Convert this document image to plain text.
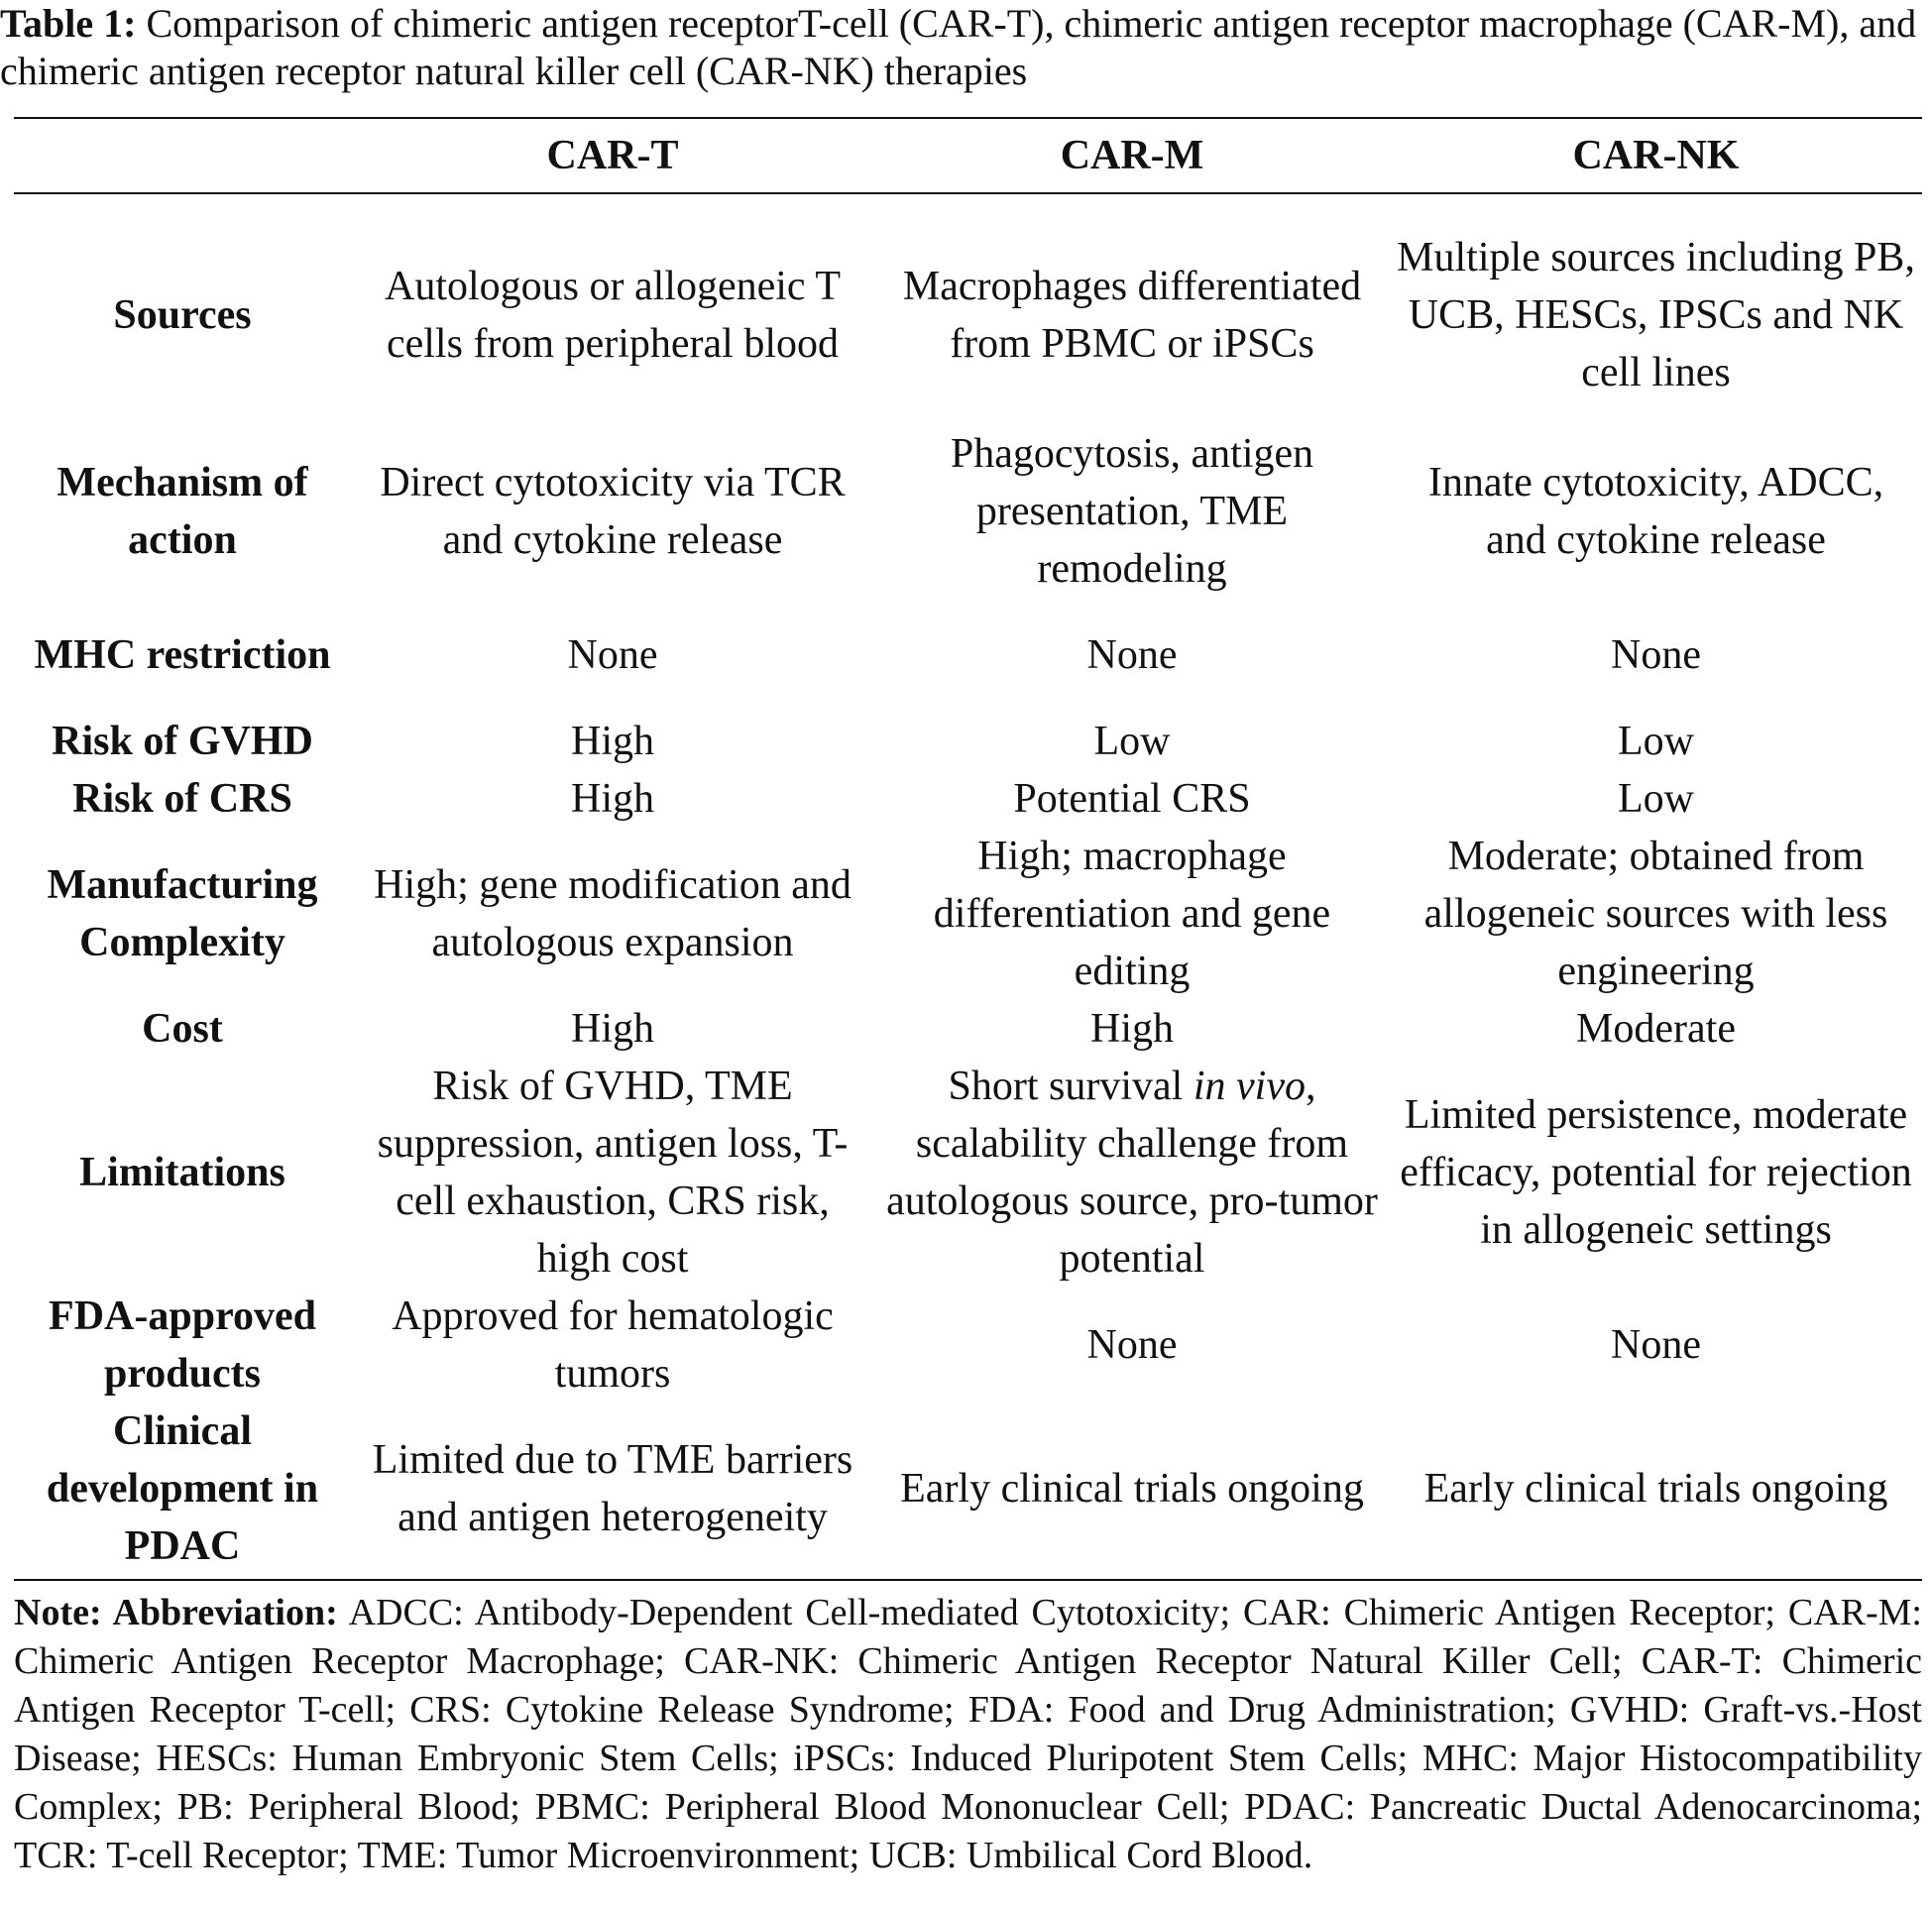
Table 1: Comparison of chimeric antigen receptorT-cell (CAR-T), chimeric antigen receptor macrophage (CAR-M), and chimeric antigen receptor natural killer cell (CAR-NK) therapies
	CAR-T	CAR-M	CAR-NK
Sources	Autologous or allogeneic T cells from peripheral blood	Macrophages differentiated from PBMC or iPSCs	Multiple sources including PB, UCB, HESCs, IPSCs and NK cell lines
Mechanism of action	Direct cytotoxicity via TCR and cytokine release	Phagocytosis, antigen presentation, TME remodeling	Innate cytotoxicity, ADCC, and cytokine release
MHC restriction	None	None	None
Risk of GVHD	High	Low	Low
Risk of CRS	High	Potential CRS	Low
Manufacturing Complexity	High; gene modification and autologous expansion	High; macrophage differentiation and gene editing	Moderate; obtained from allogeneic sources with less engineering
Cost	High	High	Moderate
Limitations	Risk of GVHD, TME suppression, antigen loss, T-cell exhaustion, CRS risk, high cost	Short survival in vivo, scalability challenge from autologous source, pro-tumor potential	Limited persistence, moderate efficacy, potential for rejection in allogeneic settings
FDA-approved products	Approved for hematologic tumors	None	None
Clinical development in PDAC	Limited due to TME barriers and antigen heterogeneity	Early clinical trials ongoing	Early clinical trials ongoing
Note: Abbreviation: ADCC: Antibody-Dependent Cell-mediated Cytotoxicity; CAR: Chimeric Antigen Receptor; CAR-M: Chimeric Antigen Receptor Macrophage; CAR-NK: Chimeric Antigen Receptor Natural Killer Cell; CAR-T: Chimeric Antigen Receptor T-cell; CRS: Cytokine Release Syndrome; FDA: Food and Drug Administration; GVHD: Graft-vs.-Host Disease; HESCs: Human Embryonic Stem Cells; iPSCs: Induced Pluripotent Stem Cells; MHC: Major Histocompatibility Complex; PB: Peripheral Blood; PBMC: Peripheral Blood Mononuclear Cell; PDAC: Pancreatic Ductal Adenocarcinoma; TCR: T-cell Receptor; TME: Tumor Microenvironment; UCB: Umbilical Cord Blood.
